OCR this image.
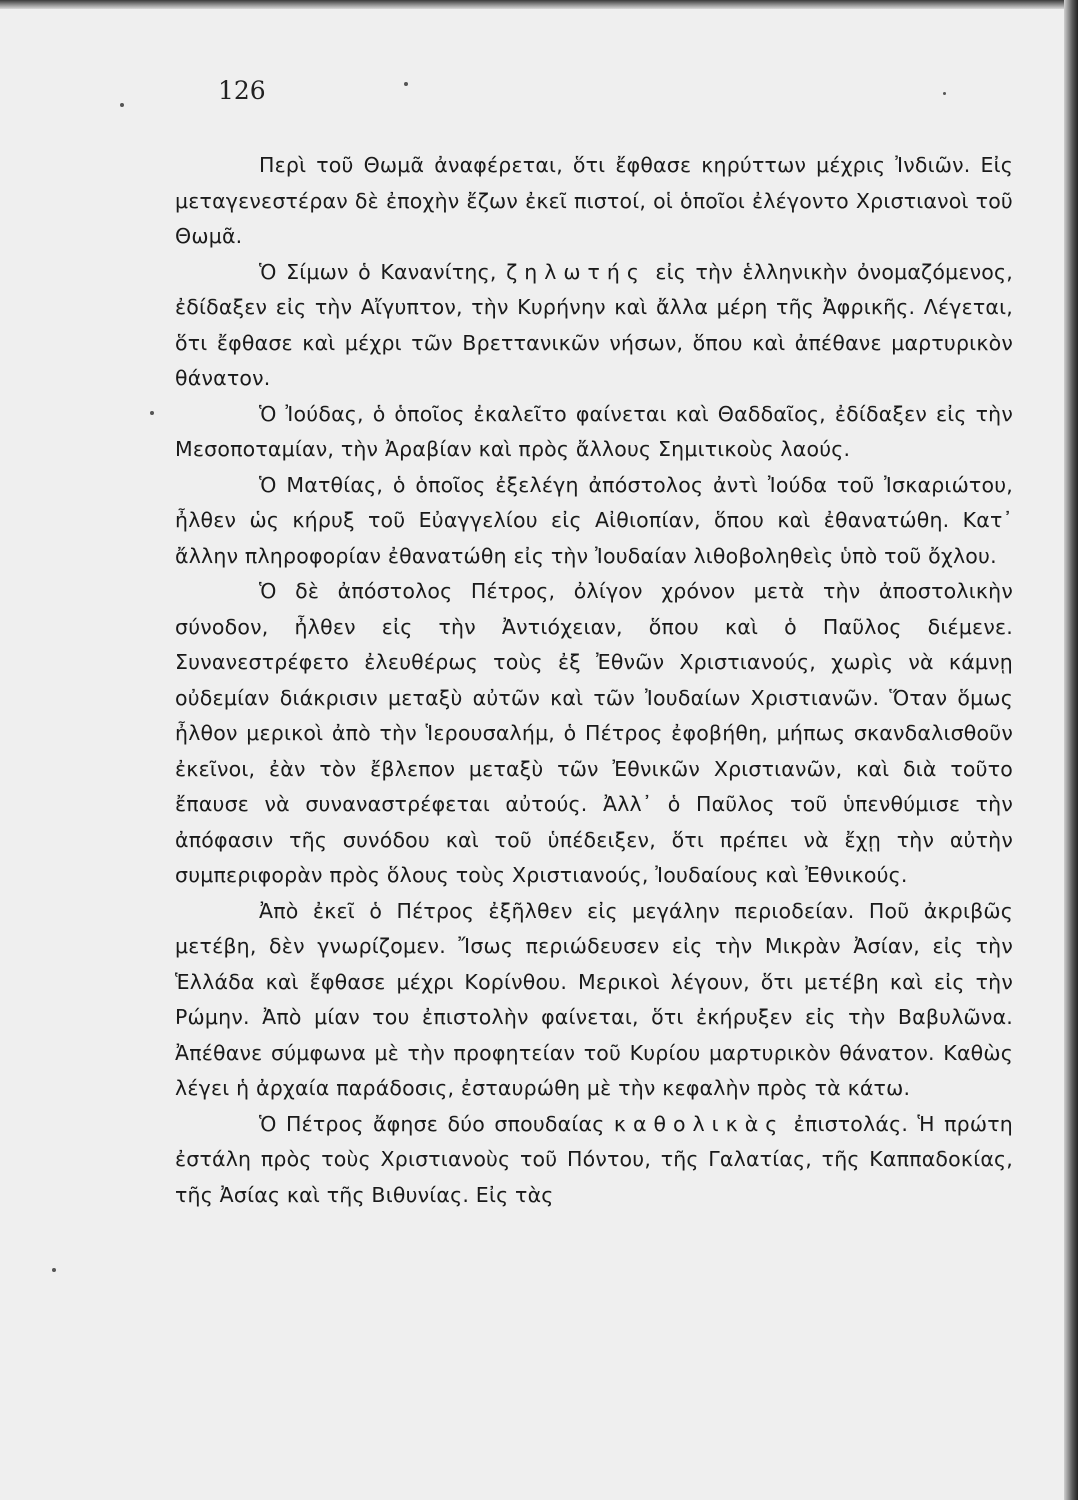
126

Περὶ τοῦ Θωμᾶ ἀναφέρεται, ὅτι ἔφθασε κηρύττων μέχρις Ἰνδιῶν. Εἰς μεταγενεστέραν δὲ ἐποχὴν ἔζων ἐκεῖ πιστοί, οἱ ὁποῖοι ἐλέγοντο Χριστιανοὶ τοῦ Θωμᾶ.

Ὁ Σίμων ὁ Κανανίτης, ζηλωτής εἰς τὴν ἑλληνικὴν ὀνομαζόμενος, ἐδίδαξεν εἰς τὴν Αἴγυπτον, τὴν Κυρήνην καὶ ἄλλα μέρη τῆς Ἀφρικῆς. Λέγεται, ὅτι ἔφθασε καὶ μέχρι τῶν Βρεττανικῶν νήσων, ὅπου καὶ ἀπέθανε μαρτυρικὸν θάνατον.

Ὁ Ἰούδας, ὁ ὁποῖος ἐκαλεῖτο φαίνεται καὶ Θαδδαῖος, ἐδίδαξεν εἰς τὴν Μεσοποταμίαν, τὴν Ἀραβίαν καὶ πρὸς ἄλλους Σημιτικοὺς λαούς.

Ὁ Ματθίας, ὁ ὁποῖος ἐξελέγη ἀπόστολος ἀντὶ Ἰούδα τοῦ Ἰσκαριώτου, ἦλθεν ὡς κήρυξ τοῦ Εὐαγγελίου εἰς Αἰθιοπίαν, ὅπου καὶ ἐθανατώθη. Κατ᾽ ἄλλην πληροφορίαν ἐθανατώθη εἰς τὴν Ἰουδαίαν λιθοβοληθεὶς ὑπὸ τοῦ ὄχλου.

Ὁ δὲ ἀπόστολος Πέτρος, ὀλίγον χρόνον μετὰ τὴν ἀποστολικὴν σύνοδον, ἦλθεν εἰς τὴν Ἀντιόχειαν, ὅπου καὶ ὁ Παῦλος διέμενε. Συνανεστρέφετο ἐλευθέρως τοὺς ἐξ Ἐθνῶν Χριστιανούς, χωρὶς νὰ κάμνῃ οὐδεμίαν διάκρισιν μεταξὺ αὐτῶν καὶ τῶν Ἰουδαίων Χριστιανῶν. Ὅταν ὅμως ἦλθον μερικοὶ ἀπὸ τὴν Ἱερουσαλήμ, ὁ Πέτρος ἐφοβήθη, μήπως σκανδαλισθοῦν ἐκεῖνοι, ἐὰν τὸν ἔβλεπον μεταξὺ τῶν Ἐθνικῶν Χριστιανῶν, καὶ διὰ τοῦτο ἔπαυσε νὰ συναναστρέφεται αὐτούς. Ἀλλ᾽ ὁ Παῦλος τοῦ ὑπενθύμισε τὴν ἀπόφασιν τῆς συνόδου καὶ τοῦ ὑπέδειξεν, ὅτι πρέπει νὰ ἔχῃ τὴν αὐτὴν συμπεριφορὰν πρὸς ὅλους τοὺς Χριστιανούς, Ἰουδαίους καὶ Ἐθνικούς.

Ἀπὸ ἐκεῖ ὁ Πέτρος ἐξῆλθεν εἰς μεγάλην περιοδείαν. Ποῦ ἀκριβῶς μετέβη, δὲν γνωρίζομεν. Ἴσως περιώδευσεν εἰς τὴν Μικρὰν Ἀσίαν, εἰς τὴν Ἑλλάδα καὶ ἔφθασε μέχρι Κορίνθου. Μερικοὶ λέγουν, ὅτι μετέβη καὶ εἰς τὴν Ρώμην. Ἀπὸ μίαν του ἐπιστολὴν φαίνεται, ὅτι ἐκήρυξεν εἰς τὴν Βαβυλῶνα. Ἀπέθανε σύμφωνα μὲ τὴν προφητείαν τοῦ Κυρίου μαρτυρικὸν θάνατον. Καθὼς λέγει ἡ ἀρχαία παράδοσις, ἐσταυρώθη μὲ τὴν κεφαλὴν πρὸς τὰ κάτω.

Ὁ Πέτρος ἄφησε δύο σπουδαίας καθολικὰς ἐπιστολάς. Ἡ πρώτη ἐστάλη πρὸς τοὺς Χριστιανοὺς τοῦ Πόντου, τῆς Γαλατίας, τῆς Καππαδοκίας, τῆς Ἀσίας καὶ τῆς Βιθυνίας. Εἰς τὰς
